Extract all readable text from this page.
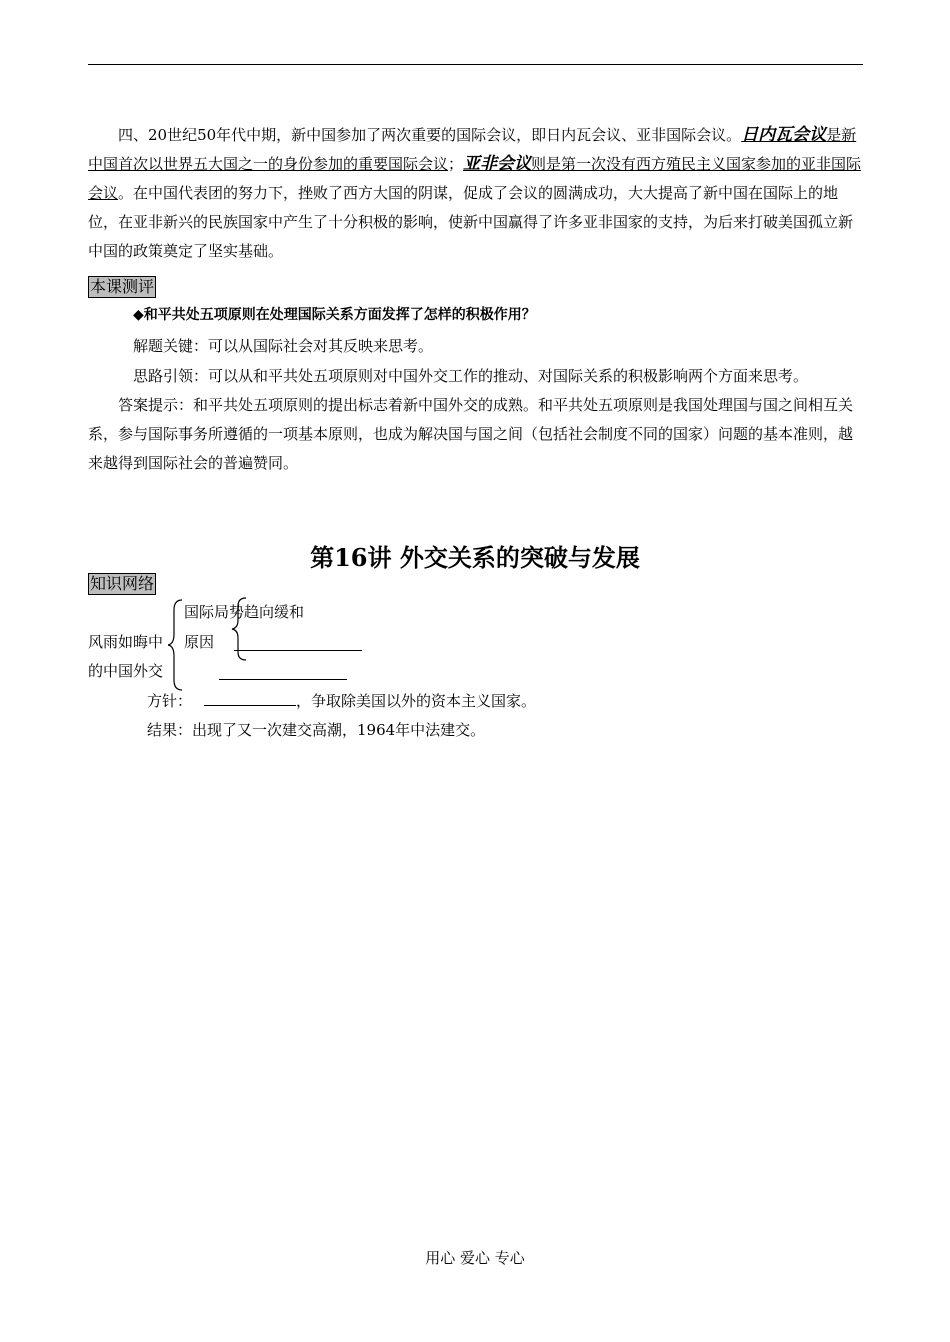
四、20世纪50年代中期，新中国参加了两次重要的国际会议，即日内瓦会议、亚非国际会议。日内瓦会议是新中国首次以世界五大国之一的身份参加的重要国际会议；亚非会议则是第一次没有西方殖民主义国家参加的亚非国际会议。在中国代表团的努力下，挫败了西方大国的阴谋，促成了会议的圆满成功，大大提高了新中国在国际上的地位，在亚非新兴的民族国家中产生了十分积极的影响，使新中国赢得了许多亚非国家的支持，为后来打破美国孤立新中国的政策奠定了坚实基础。
本课测评
◆和平共处五项原则在处理国际关系方面发挥了怎样的积极作用？
解题关键：可以从国际社会对其反映来思考。
思路引领：可以从和平共处五项原则对中国外交工作的推动、对国际关系的积极影响两个方面来思考。
答案提示：和平共处五项原则的提出标志着新中国外交的成熟。和平共处五项原则是我国处理国与国之间相互关系，参与国际事务所遵循的一项基本原则，也成为解决国与国之间（包括社会制度不同的国家）问题的基本准则，越来越得到国际社会的普遍赞同。
第16讲 外交关系的突破与发展
知识网络
风雨如晦中
的中国外交
国际局势趋向缓和
原因
方针：	，争取除美国以外的资本主义国家。
结果：出现了又一次建交高潮，1964年中法建交。
用心 爱心 专心
